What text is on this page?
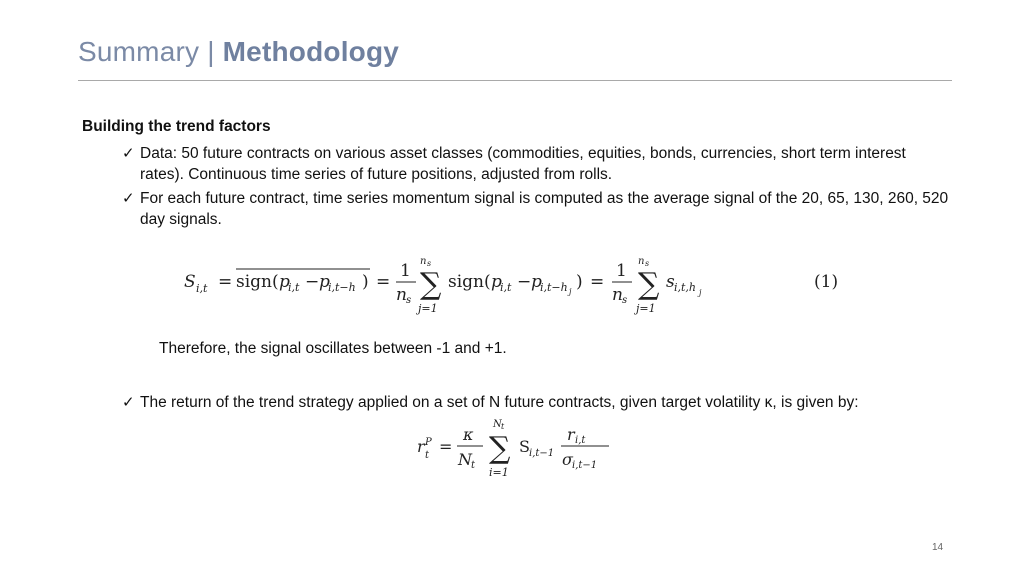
Summary | Methodology
Building the trend factors
✓ Data: 50 future contracts on various asset classes (commodities, equities, bonds, currencies, short term interest rates). Continuous time series of future positions, adjusted from rolls.
✓ For each future contract, time series momentum signal is computed as the average signal of the 20, 65, 130, 260, 520 day signals.
S i,t = sign( p
i,t − p
i,t−h ) =
1
n s
n s
∑
j=1
sign( p
i,t − p
i,t−h j ) =
1
n s
n s
∑
j=1
s i,t,h j
(1)
Therefore, the signal oscillates between -1 and +1.
✓ The return of the trend strategy applied on a set of N future contracts, given target volatility κ, is given by:
r P
t =
κ
N t
N t
∑
i=1
S i,t−1
r i,t
σ i,t−1
14
